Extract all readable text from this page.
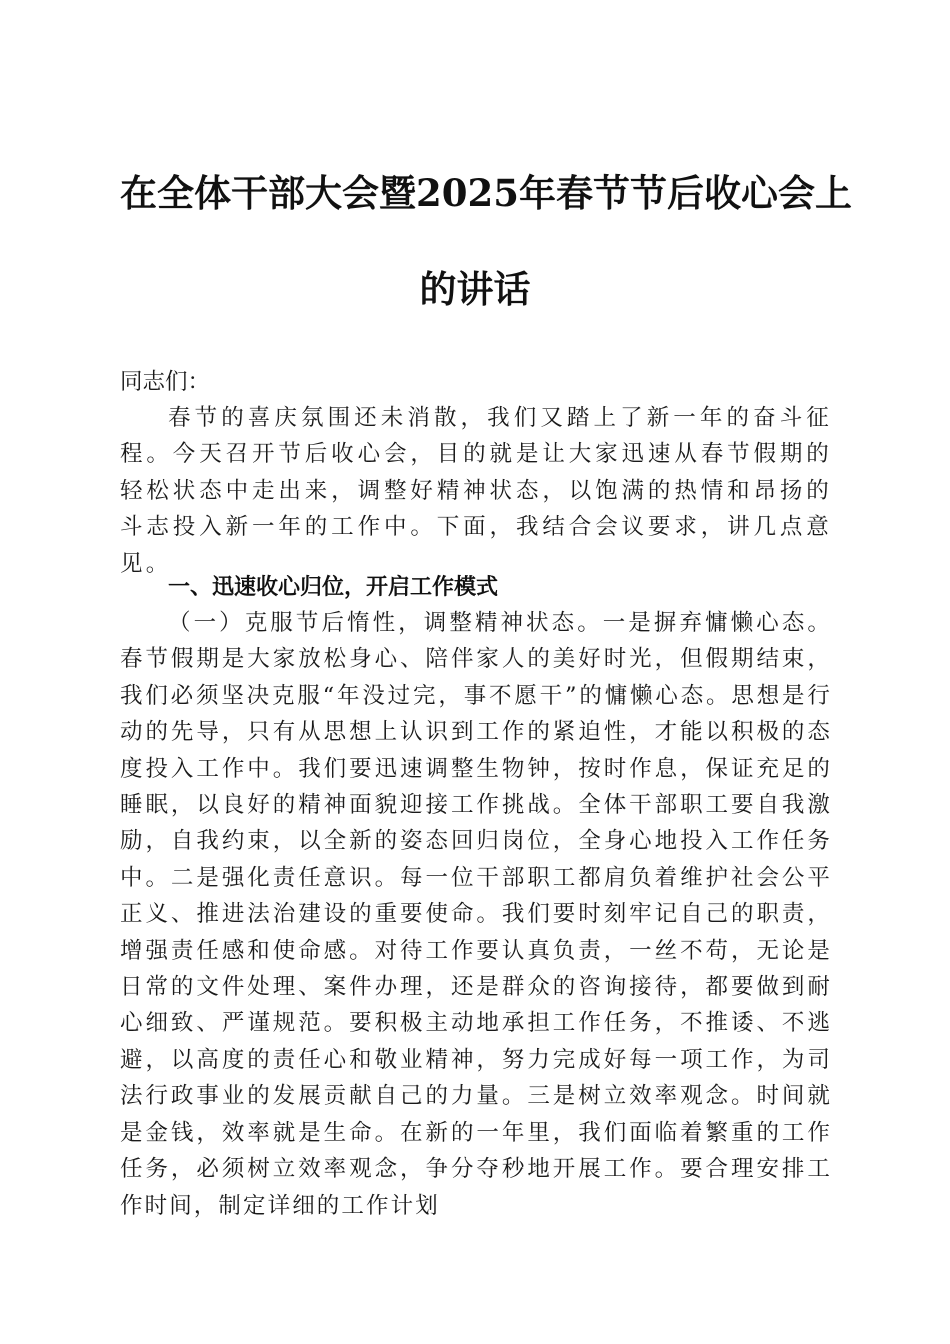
在全体干部大会暨2025年春节节后收心会上
的讲话
同志们：
春节的喜庆氛围还未消散，我们又踏上了新一年的奋斗征程。今天召开节后收心会，目的就是让大家迅速从春节假期的轻松状态中走出来，调整好精神状态，以饱满的热情和昂扬的斗志投入新一年的工作中。下面，我结合会议要求，讲几点意见。
一、迅速收心归位，开启工作模式
（一）克服节后惰性，调整精神状态。一是摒弃慵懒心态。春节假期是大家放松身心、陪伴家人的美好时光，但假期结束，我们必须坚决克服“年没过完，事不愿干”的慵懒心态。思想是行动的先导，只有从思想上认识到工作的紧迫性，才能以积极的态度投入工作中。我们要迅速调整生物钟，按时作息，保证充足的睡眠，以良好的精神面貌迎接工作挑战。全体干部职工要自我激励，自我约束，以全新的姿态回归岗位，全身心地投入工作任务中。二是强化责任意识。每一位干部职工都肩负着维护社会公平正义、推进法治建设的重要使命。我们要时刻牢记自己的职责，增强责任感和使命感。对待工作要认真负责，一丝不苟，无论是日常的文件处理、案件办理，还是群众的咨询接待，都要做到耐心细致、严谨规范。要积极主动地承担工作任务，不推诿、不逃避，以高度的责任心和敬业精神，努力完成好每一项工作，为司法行政事业的发展贡献自己的力量。三是树立效率观念。时间就是金钱，效率就是生命。在新的一年里，我们面临着繁重的工作任务，必须树立效率观念，争分夺秒地开展工作。要合理安排工作时间，制定详细的工作计划
